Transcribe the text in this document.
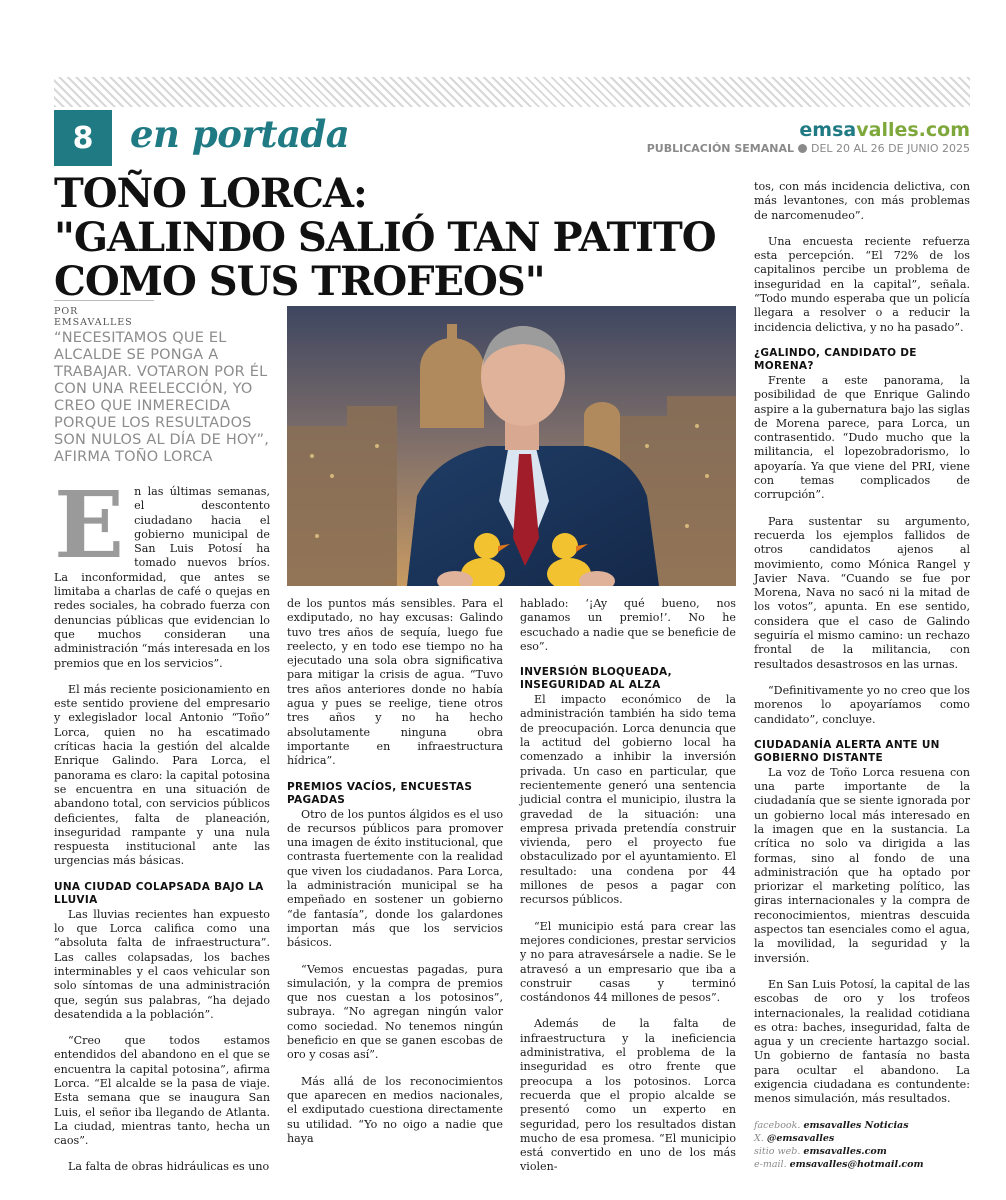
8 en portada	emsavalles.com
PUBLICACIÓN SEMANAL DEL 20 AL 26 DE JUNIO 2025
TOÑO LORCA:
"GALINDO SALIÓ TAN PATITO
COMO SUS TROFEOS"
POR EMSAVALLES
“NECESITAMOS QUE EL ALCALDE SE PONGA A TRABAJAR. VOTARON POR ÉL CON UNA REELECCIÓN, YO CREO QUE INMERECIDA PORQUE LOS RESULTADOS SON NULOS AL DÍA DE HOY”, AFIRMA TOÑO LORCA
E n las últimas semanas, el descontento ciudadano hacia el gobierno municipal de San Luis Potosí ha tomado nuevos bríos. La inconformidad, que antes se limitaba a charlas de café o quejas en redes sociales, ha cobrado fuerza con denuncias públicas que evidencian lo que muchos consideran una administración “más interesada en los premios que en los servicios”.

El más reciente posicionamiento en este sentido proviene del empresario y exlegislador local Antonio “Toño” Lorca, quien no ha escatimado críticas hacia la gestión del alcalde Enrique Galindo. Para Lorca, el panorama es claro: la capital potosina se encuentra en una situación de abandono total, con servicios públicos deficientes, falta de planeación, inseguridad rampante y una nula respuesta institucional ante las urgencias más básicas.

UNA CIUDAD COLAPSADA BAJO LA LLUVIA

Las lluvias recientes han expuesto lo que Lorca califica como una “absoluta falta de infraestructura”. Las calles colapsadas, los baches interminables y el caos vehicular son solo síntomas de una administración que, según sus palabras, “ha dejado desatendida a la población”.

“Creo que todos estamos entendidos del abandono en el que se encuentra la capital potosina”, afirma Lorca. “El alcalde se la pasa de viaje. Esta semana que se inaugura San Luis, el señor iba llegando de Atlanta. La ciudad, mientras tanto, hecha un caos”.

La falta de obras hidráulicas es uno

de los puntos más sensibles. Para el exdiputado, no hay excusas: Galindo tuvo tres años de sequía, luego fue reelecto, y en todo ese tiempo no ha ejecutado una sola obra significativa para mitigar la crisis de agua. “Tuvo tres años anteriores donde no había agua y pues se reelige, tiene otros tres años y no ha hecho absolutamente ninguna obra importante en infraestructura hídrica”.

PREMIOS VACÍOS, ENCUESTAS PAGADAS

Otro de los puntos álgidos es el uso de recursos públicos para promover una imagen de éxito institucional, que contrasta fuertemente con la realidad que viven los ciudadanos. Para Lorca, la administración municipal se ha empeñado en sostener un gobierno “de fantasía”, donde los galardones importan más que los servicios básicos.

“Vemos encuestas pagadas, pura simulación, y la compra de premios que nos cuestan a los potosinos”, subraya. “No agregan ningún valor como sociedad. No tenemos ningún beneficio en que se ganen escobas de oro y cosas así”.

Más allá de los reconocimientos que aparecen en medios nacionales, el exdiputado cuestiona directamente su utilidad. “Yo no oigo a nadie que haya

hablado: ‘¡Ay qué bueno, nos ganamos un premio!’. No he escuchado a nadie que se beneficie de eso”.

INVERSIÓN BLOQUEADA, INSEGURIDAD AL ALZA

El impacto económico de la administración también ha sido tema de preocupación. Lorca denuncia que la actitud del gobierno local ha comenzado a inhibir la inversión privada. Un caso en particular, que recientemente generó una sentencia judicial contra el municipio, ilustra la gravedad de la situación: una empresa privada pretendía construir vivienda, pero el proyecto fue obstaculizado por el ayuntamiento. El resultado: una condena por 44 millones de pesos a pagar con recursos públicos.

“El municipio está para crear las mejores condiciones, prestar servicios y no para atravesársele a nadie. Se le atravesó a un empresario que iba a construir casas y terminó costándonos 44 millones de pesos”.

Además de la falta de infraestructura y la ineficiencia administrativa, el problema de la inseguridad es otro frente que preocupa a los potosinos. Lorca recuerda que el propio alcalde se presentó como un experto en seguridad, pero los resultados distan mucho de esa promesa. “El municipio está convertido en uno de los más violen-

tos, con más incidencia delictiva, con más levantones, con más problemas de narcomenudeo”.

Una encuesta reciente refuerza esta percepción. “El 72% de los capitalinos percibe un problema de inseguridad en la capital”, señala. “Todo mundo esperaba que un policía llegara a resolver o a reducir la incidencia delictiva, y no ha pasado”.

¿GALINDO, CANDIDATO DE MORENA?

Frente a este panorama, la posibilidad de que Enrique Galindo aspire a la gubernatura bajo las siglas de Morena parece, para Lorca, un contrasentido. “Dudo mucho que la militancia, el lopezobradorismo, lo apoyaría. Ya que viene del PRI, viene con temas complicados de corrupción”.

Para sustentar su argumento, recuerda los ejemplos fallidos de otros candidatos ajenos al movimiento, como Mónica Rangel y Javier Nava. “Cuando se fue por Morena, Nava no sacó ni la mitad de los votos”, apunta. En ese sentido, considera que el caso de Galindo seguiría el mismo camino: un rechazo frontal de la militancia, con resultados desastrosos en las urnas.

“Definitivamente yo no creo que los morenos lo apoyaríamos como candidato”, concluye.

CIUDADANÍA ALERTA ANTE UN GOBIERNO DISTANTE

La voz de Toño Lorca resuena con una parte importante de la ciudadanía que se siente ignorada por un gobierno local más interesado en la imagen que en la sustancia. La crítica no solo va dirigida a las formas, sino al fondo de una administración que ha optado por priorizar el marketing político, las giras internacionales y la compra de reconocimientos, mientras descuida aspectos tan esenciales como el agua, la movilidad, la seguridad y la inversión.

En San Luis Potosí, la capital de las escobas de oro y los trofeos internacionales, la realidad cotidiana es otra: baches, inseguridad, falta de agua y un creciente hartazgo social. Un gobierno de fantasía no basta para ocultar el abandono. La exigencia ciudadana es contundente: menos simulación, más resultados.

facebook. emsavalles Noticias
X. @emsavalles
sitio web. emsavalles.com
e-mail. emsavalles@hotmail.com
